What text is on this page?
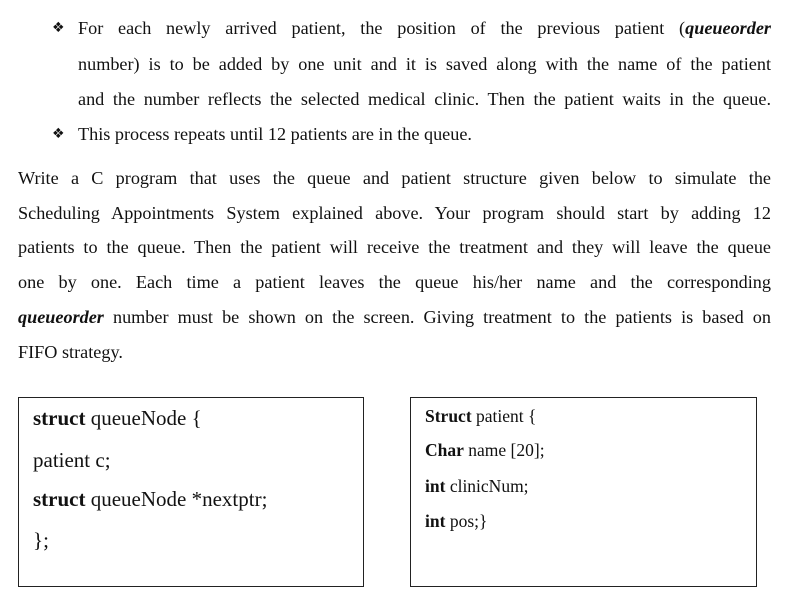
❖ For each newly arrived patient, the position of the previous patient (queueorder
number) is to be added by one unit and it is saved along with the name of the patient
and the number reflects the selected medical clinic. Then the patient waits in the queue.
❖ This process repeats until 12 patients are in the queue.
Write a C program that uses the queue and patient structure given below to simulate the
Scheduling Appointments System explained above. Your program should start by adding 12
patients to the queue. Then the patient will receive the treatment and they will leave the queue
one by one. Each time a patient leaves the queue his/her name and the corresponding
queueorder number must be shown on the screen. Giving treatment to the patients is based on
FIFO strategy.
struct queueNode {
patient c;
struct queueNode *nextptr;
};
Struct patient {
Char name [20];
int clinicNum;
int pos;}
